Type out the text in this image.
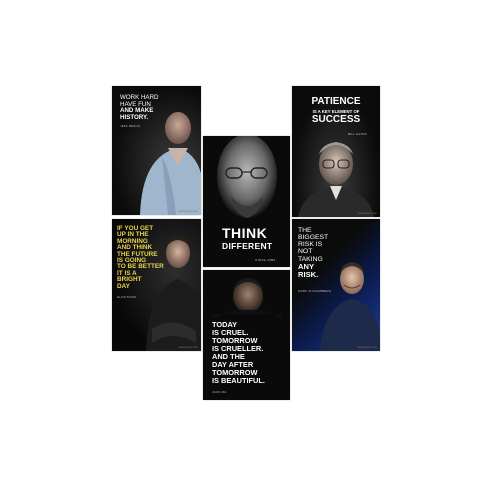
WORK HARD
HAVE FUN
AND MAKE
HISTORY.
JEFF BEZOS
www.posters.com
THINK
DIFFERENT
STEVE JOBS
PATIENCE
IS A KEY ELEMENT OF
SUCCESS
BILL GATES
www.posters.com
IF YOU GET
UP IN THE
MORNING
AND THINK
THE FUTURE
IS GOING
TO BE BETTER
IT IS A
BRIGHT
DAY
ELON MUSK
www.posters.com
TODAY
IS CRUEL.
TOMORROW
IS CRUELLER.
AND THE
DAY AFTER
TOMORROW
IS BEAUTIFUL.
JACK MA
THE
BIGGEST
RISK IS
NOT
TAKING
ANY
RISK.
MARK ZUCKERBERG
www.posters.com
